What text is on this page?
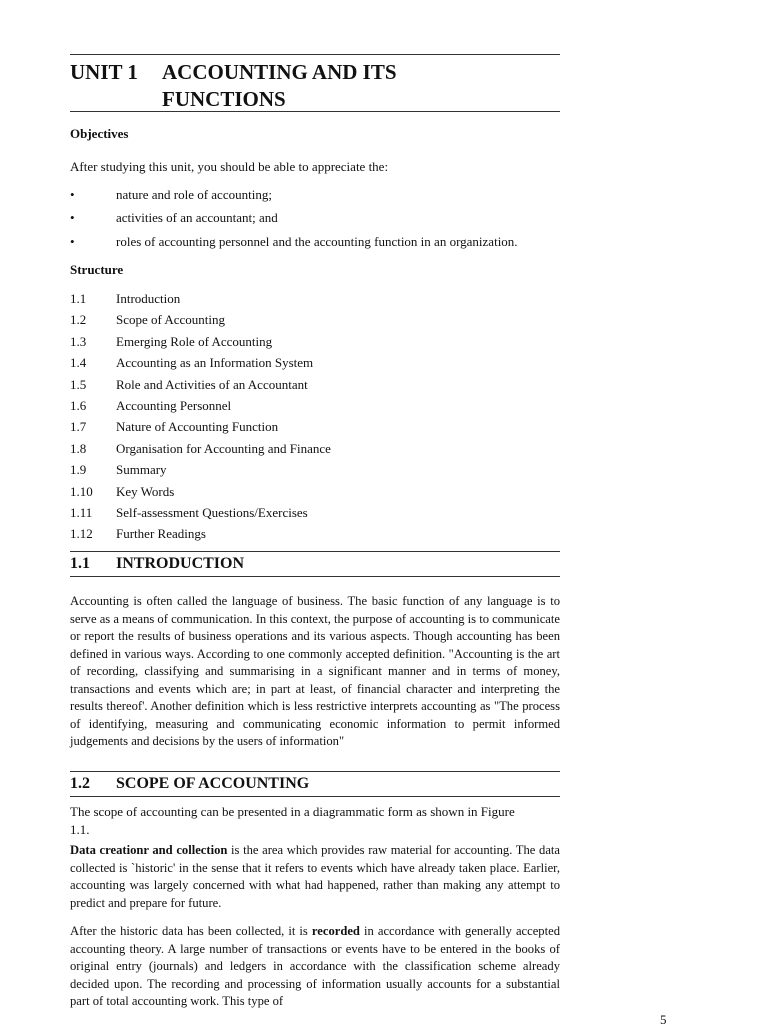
UNIT 1	ACCOUNTING AND ITS
FUNCTIONS
Objectives
After studying this unit, you should be able to appreciate the:
•	nature and role of accounting;
•	activities of an accountant; and
•	roles of accounting personnel and the accounting function in an organization.
Structure
1.1	Introduction
1.2	Scope of Accounting
1.3	Emerging Role of Accounting
1.4	Accounting as an Information System
1.5	Role and Activities of an Accountant
1.6	Accounting Personnel
1.7	Nature of Accounting Function
1.8	Organisation for Accounting and Finance
1.9	Summary
1.10	Key Words
1.11	Self-assessment Questions/Exercises
1.12	Further Readings
1.1	INTRODUCTION
Accounting is often called the language of business. The basic function of any language is to serve as a means of communication. In this context, the purpose of accounting is to communicate or report the results of business operations and its various aspects. Though accounting has been defined in various ways. According to one commonly accepted definition. "Accounting is the art of recording, classifying and summarising in a significant manner and in terms of money, transactions and events which are; in part at least, of financial character and interpreting the results thereof'. Another definition which is less restrictive interprets accounting as "The process of identifying, measuring and communicating economic information to permit informed judgements and decisions by the users of information"
1.2	SCOPE OF ACCOUNTING
The scope of accounting can be presented in a diagrammatic form as shown in Figure 1.1.
Data creationr and collection is the area which provides raw material for accounting. The data collected is `historic' in the sense that it refers to events which have already taken place. Earlier, accounting was largely concerned with what had happened, rather than making any attempt to predict and prepare for future.
After the historic data has been collected, it is recorded in accordance with generally accepted accounting theory. A large number of transactions or events have to be entered in the books of original entry (journals) and ledgers in accordance with the classification scheme already decided upon. The recording and processing of information usually accounts for a substantial part of total accounting work. This type of
5
